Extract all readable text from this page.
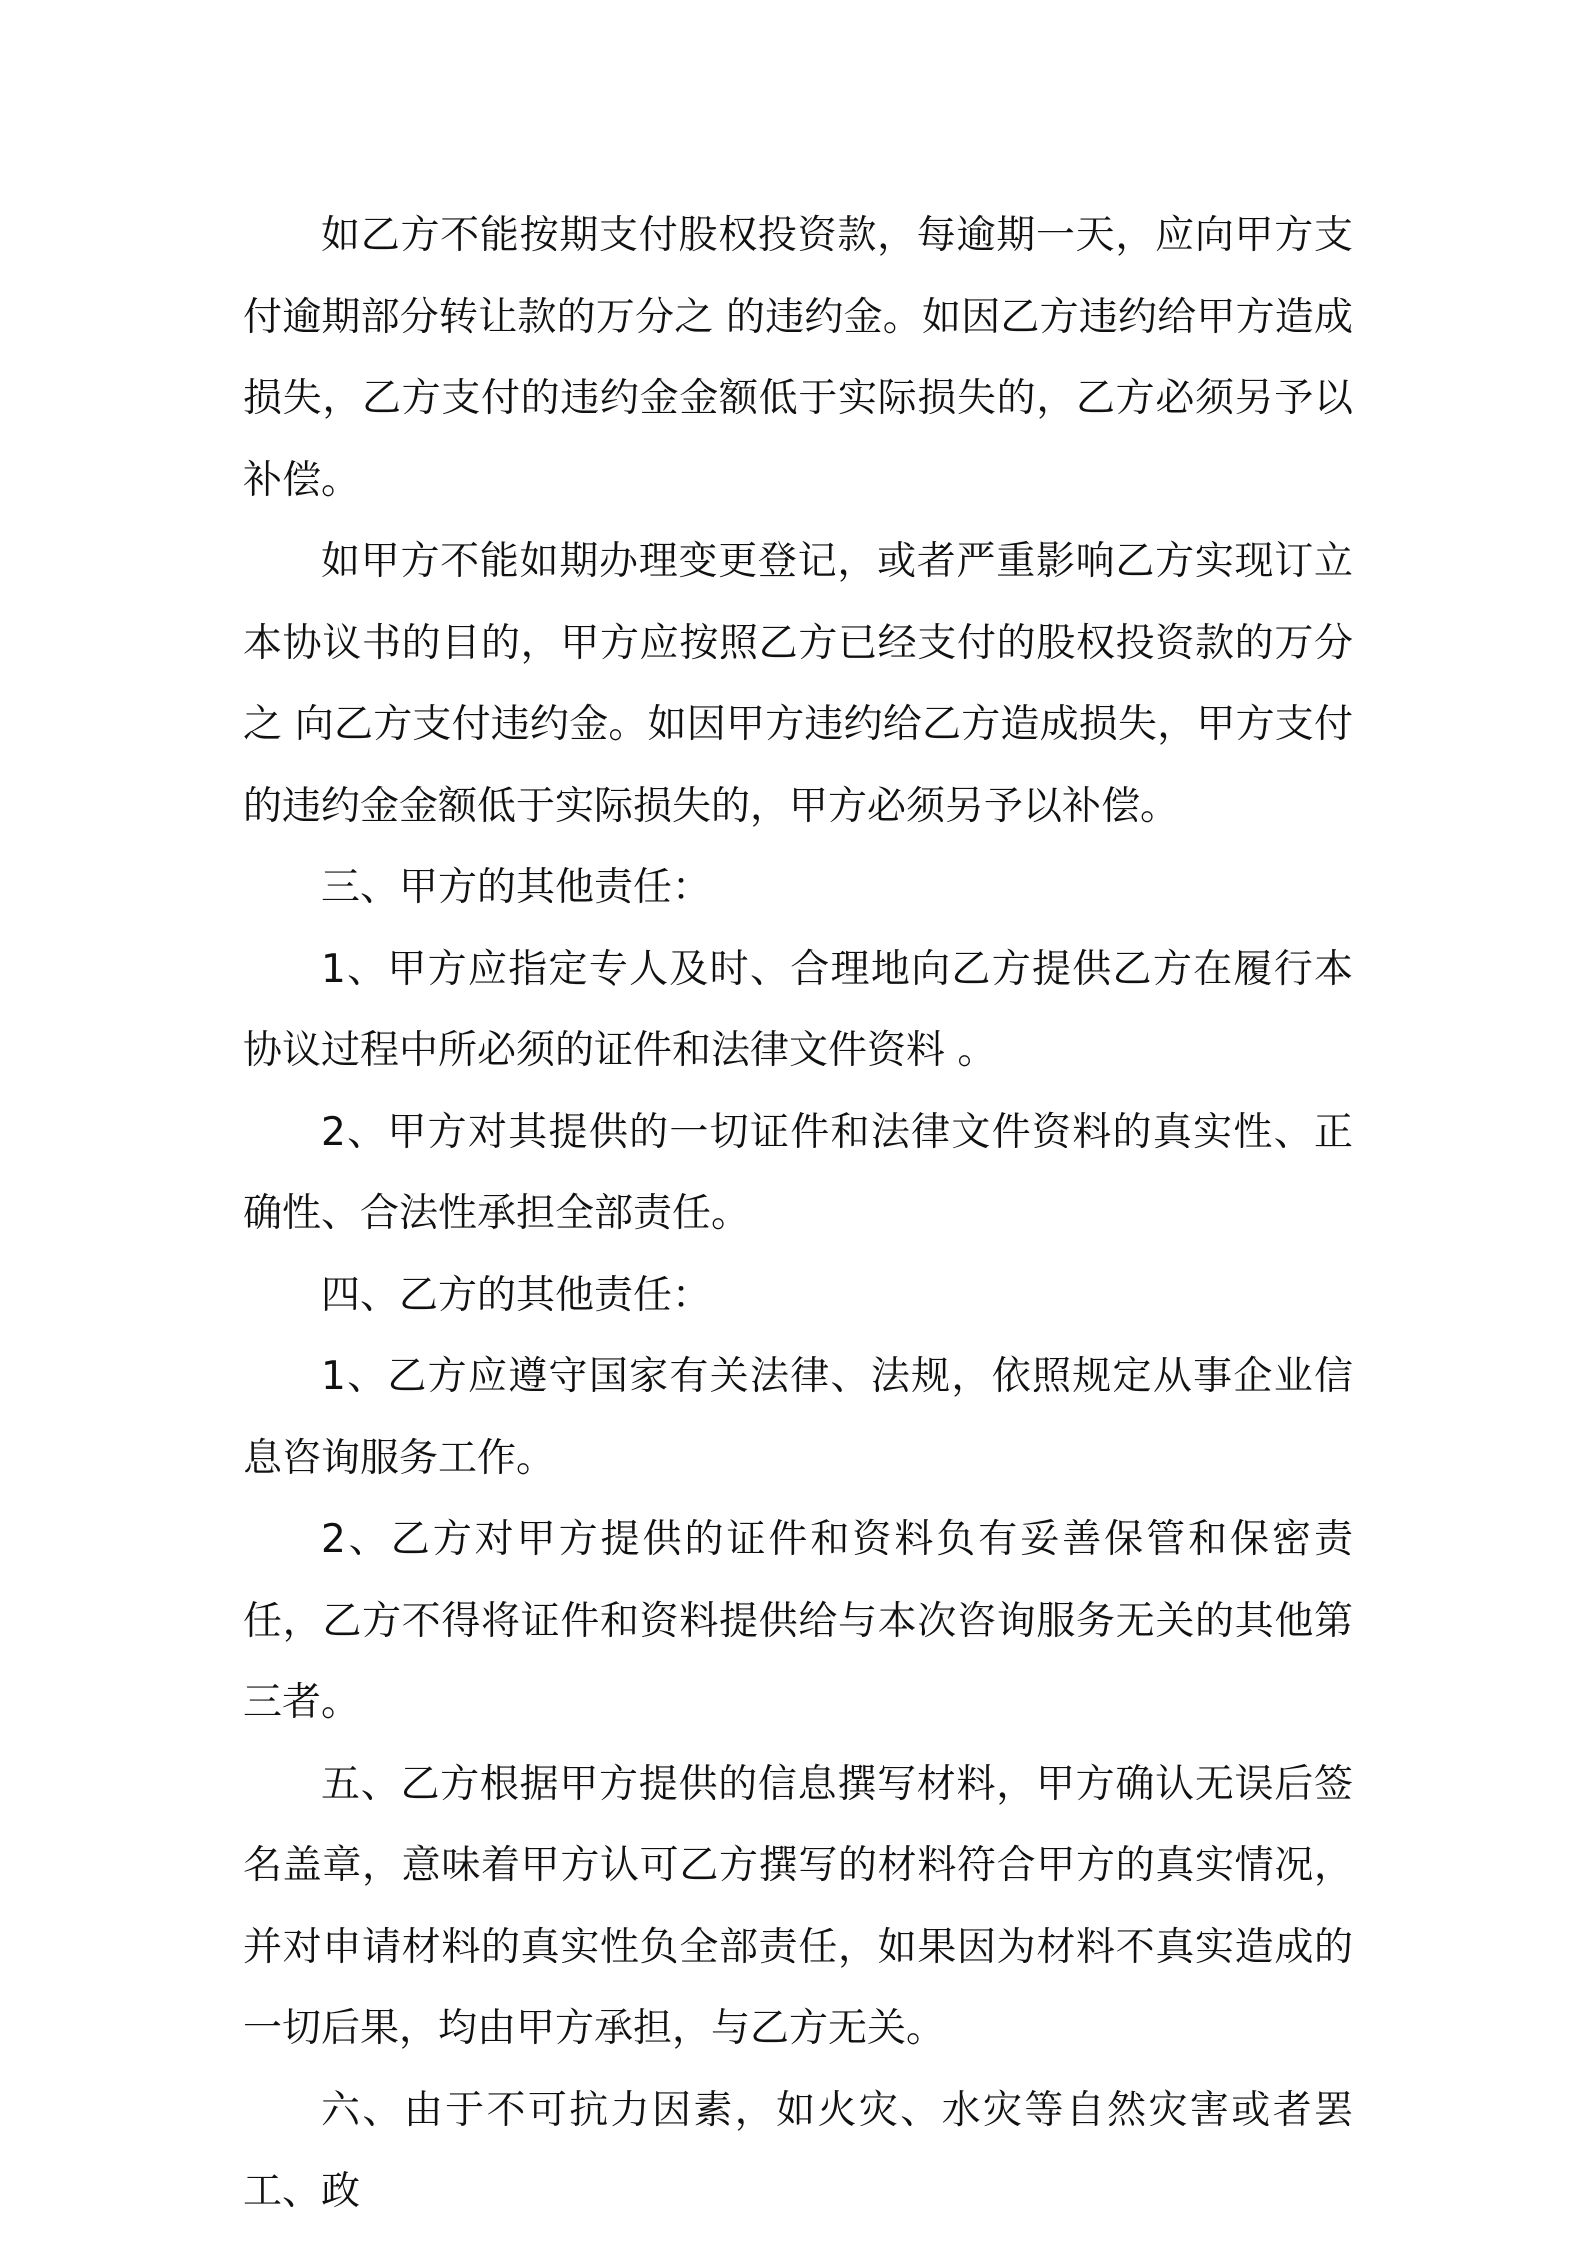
如乙方不能按期支付股权投资款，每逾期一天，应向甲方支付逾期部分转让款的万分之 的违约金。如因乙方违约给甲方造成损失，乙方支付的违约金金额低于实际损失的，乙方必须另予以补偿。

如甲方不能如期办理变更登记，或者严重影响乙方实现订立本协议书的目的，甲方应按照乙方已经支付的股权投资款的万分之 向乙方支付违约金。如因甲方违约给乙方造成损失，甲方支付的违约金金额低于实际损失的，甲方必须另予以补偿。

三、甲方的其他责任：

1、甲方应指定专人及时、合理地向乙方提供乙方在履行本协议过程中所必须的证件和法律文件资料 。

2、甲方对其提供的一切证件和法律文件资料的真实性、正确性、合法性承担全部责任。

四、乙方的其他责任：

1、乙方应遵守国家有关法律、法规，依照规定从事企业信息咨询服务工作。

2、乙方对甲方提供的证件和资料负有妥善保管和保密责任，乙方不得将证件和资料提供给与本次咨询服务无关的其他第三者。

五、乙方根据甲方提供的信息撰写材料，甲方确认无误后签名盖章，意味着甲方认可乙方撰写的材料符合甲方的真实情况，并对申请材料的真实性负全部责任，如果因为材料不真实造成的一切后果，均由甲方承担，与乙方无关。

六、由于不可抗力因素，如火灾、水灾等自然灾害或者罢工、政
